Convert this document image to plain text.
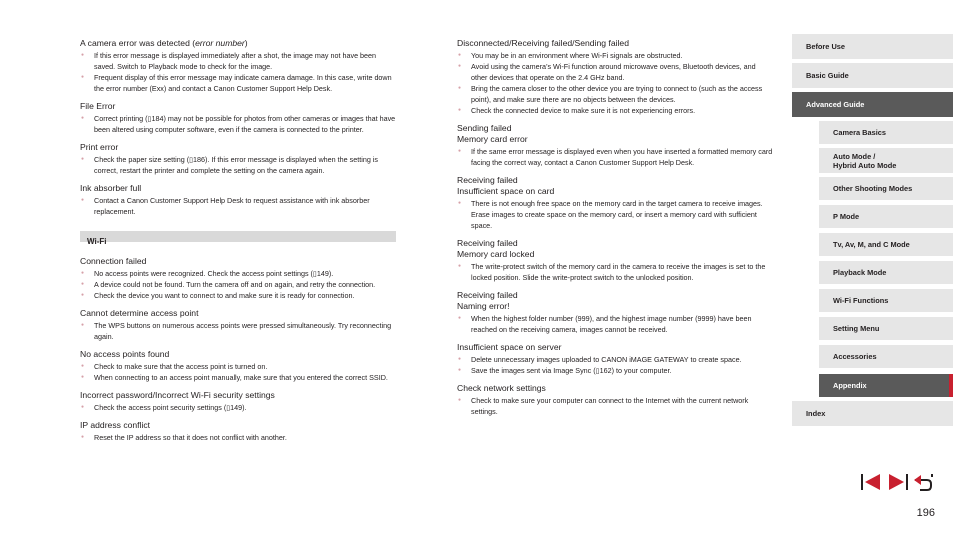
A camera error was detected (error number)

● If this error message is displayed immediately after a shot, the image may not have been saved. Switch to Playback mode to check for the image.
● Frequent display of this error message may indicate camera damage. In this case, write down the error number (Exx) and contact a Canon Customer Support Help Desk.

File Error

● Correct printing (▯184) may not be possible for photos from other cameras or images that have been altered using computer software, even if the camera is connected to the printer.

Print error

● Check the paper size setting (▯186). If this error message is displayed when the setting is correct, restart the printer and complete the setting on the camera again.

Ink absorber full

● Contact a Canon Customer Support Help Desk to request assistance with ink absorber replacement.
Wi-Fi

Connection failed

● No access points were recognized. Check the access point settings (▯149).
● A device could not be found. Turn the camera off and on again, and retry the connection.
● Check the device you want to connect to and make sure it is ready for connection.

Cannot determine access point

● The WPS buttons on numerous access points were pressed simultaneously. Try reconnecting again.

No access points found

● Check to make sure that the access point is turned on.
● When connecting to an access point manually, make sure that you entered the correct SSID.

Incorrect password/Incorrect Wi-Fi security settings

● Check the access point security settings (▯149).

IP address conflict

● Reset the IP address so that it does not conflict with another.

Disconnected/Receiving failed/Sending failed

● You may be in an environment where Wi-Fi signals are obstructed.
● Avoid using the camera’s Wi-Fi function around microwave ovens, Bluetooth devices, and other devices that operate on the 2.4 GHz band.
● Bring the camera closer to the other device you are trying to connect to (such as the access point), and make sure there are no objects between the devices.
● Check the connected device to make sure it is not experiencing errors.

Sending failed

Memory card error

● If the same error message is displayed even when you have inserted a formatted memory card facing the correct way, contact a Canon Customer Support Help Desk.

Receiving failed

Insufficient space on card

● There is not enough free space on the memory card in the target camera to receive images. Erase images to create space on the memory card, or insert a memory card with sufficient space.

Receiving failed

Memory card locked

● The write-protect switch of the memory card in the camera to receive the images is set to the locked position. Slide the write-protect switch to the unlocked position.

Receiving failed

Naming error!

● When the highest folder number (999), and the highest image number (9999) have been reached on the receiving camera, images cannot be received.

Insufficient space on server

● Delete unnecessary images uploaded to CANON iMAGE GATEWAY to create space.
● Save the images sent via Image Sync (▯162) to your computer.

Check network settings

● Check to make sure your computer can connect to the Internet with the current network settings.
Before Use
Basic Guide
Advanced Guide
Camera Basics
Auto Mode /
Hybrid Auto Mode
Other Shooting Modes
P Mode
Tv, Av, M, and C Mode
Playback Mode
Wi-Fi Functions
Setting Menu
Accessories
Appendix
Index
196
